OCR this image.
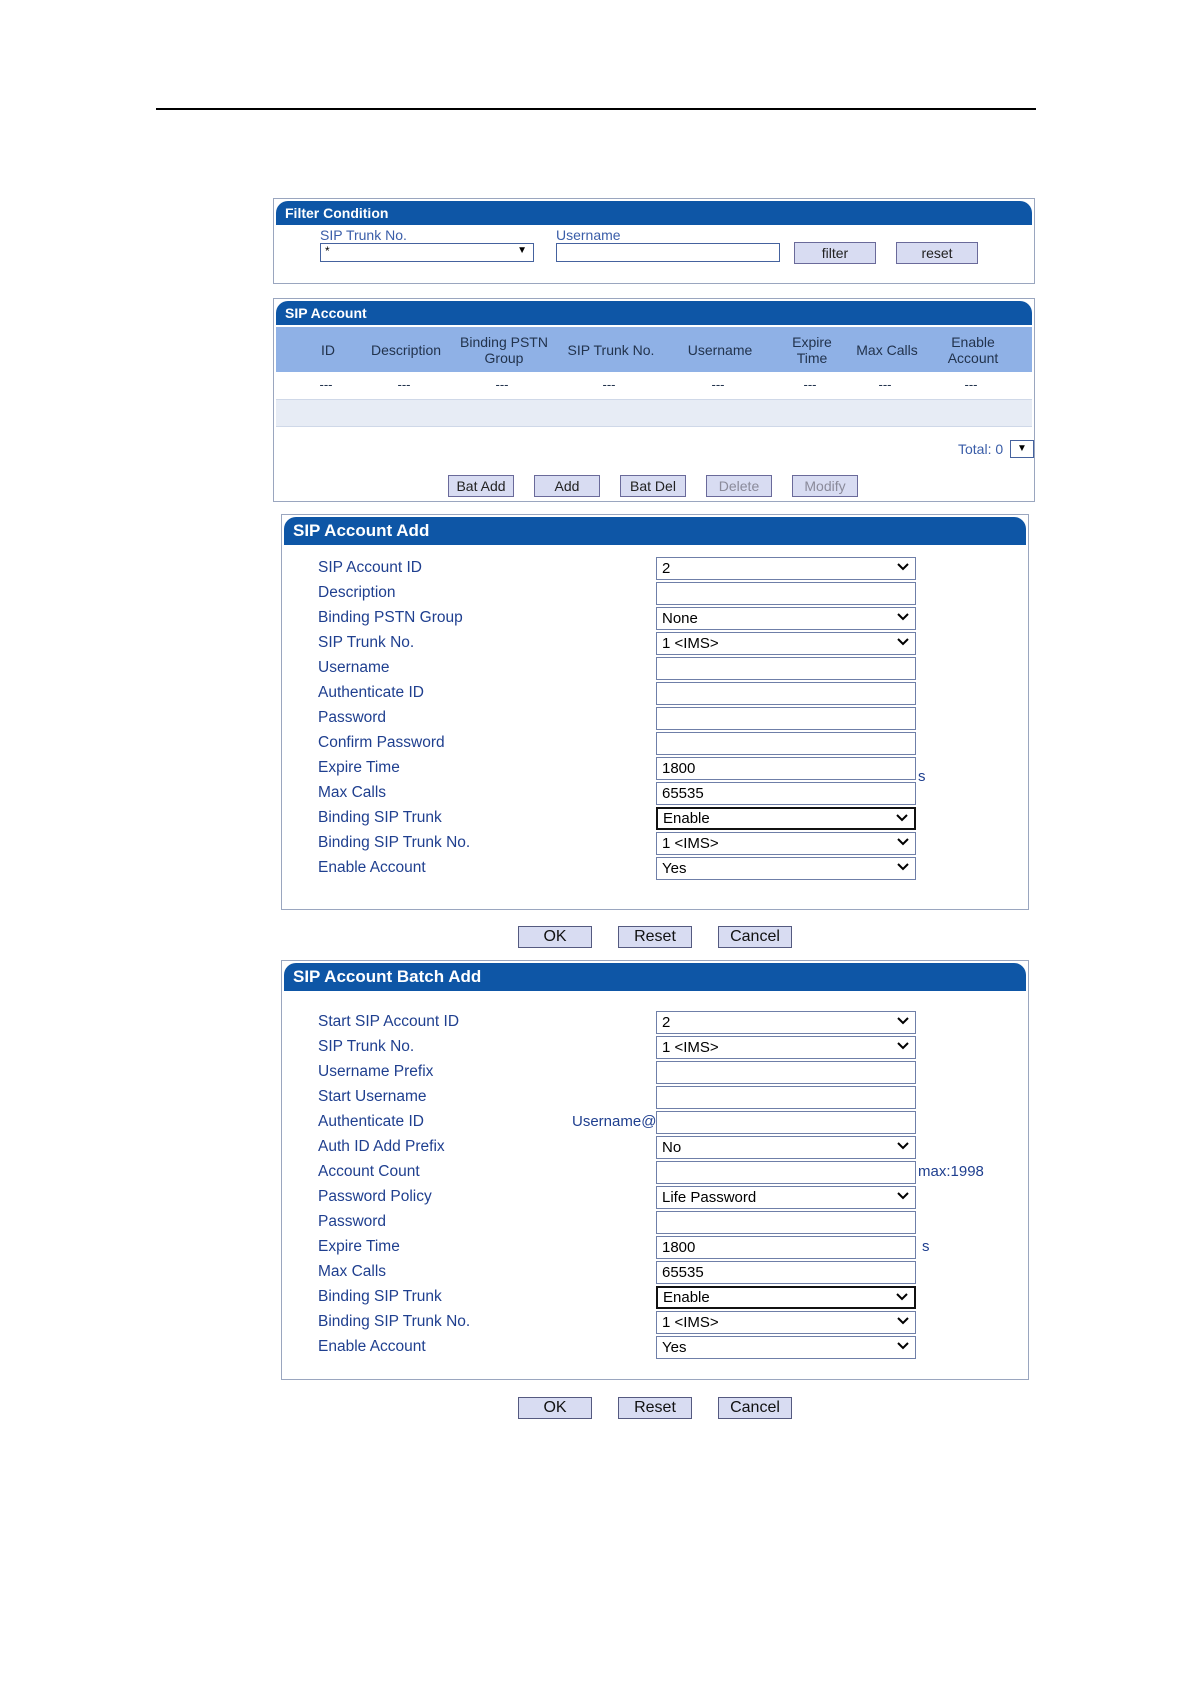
Filter Condition
SIP Trunk No.
*	▼
Username
filter	reset
SIP Account
ID	Description	Binding PSTN Group	SIP Trunk No.	Username	Expire Time	Max Calls	Enable Account
---	---	---	---	---	---	---	---
Total: 0	▼
Bat Add	Add	Bat Del	Delete	Modify
SIP Account Add
SIP Account ID	2
Description
Binding PSTN Group	None
SIP Trunk No.	1 <IMS>
Username
Authenticate ID
Password
Confirm Password
Expire Time	1800
Max Calls	65535
Binding SIP Trunk	Enable
Binding SIP Trunk No.	1 <IMS>
Enable Account	Yes
s
OK	Reset	Cancel
SIP Account Batch Add
Start SIP Account ID	2
SIP Trunk No.	1 <IMS>
Username Prefix
Start Username
Authenticate ID
Auth ID Add Prefix	No
Account Count
Password Policy	Life Password
Password
Expire Time	1800
Max Calls	65535
Binding SIP Trunk	Enable
Binding SIP Trunk No.	1 <IMS>
Enable Account	Yes
Username@
max:1998
s
OK	Reset	Cancel
